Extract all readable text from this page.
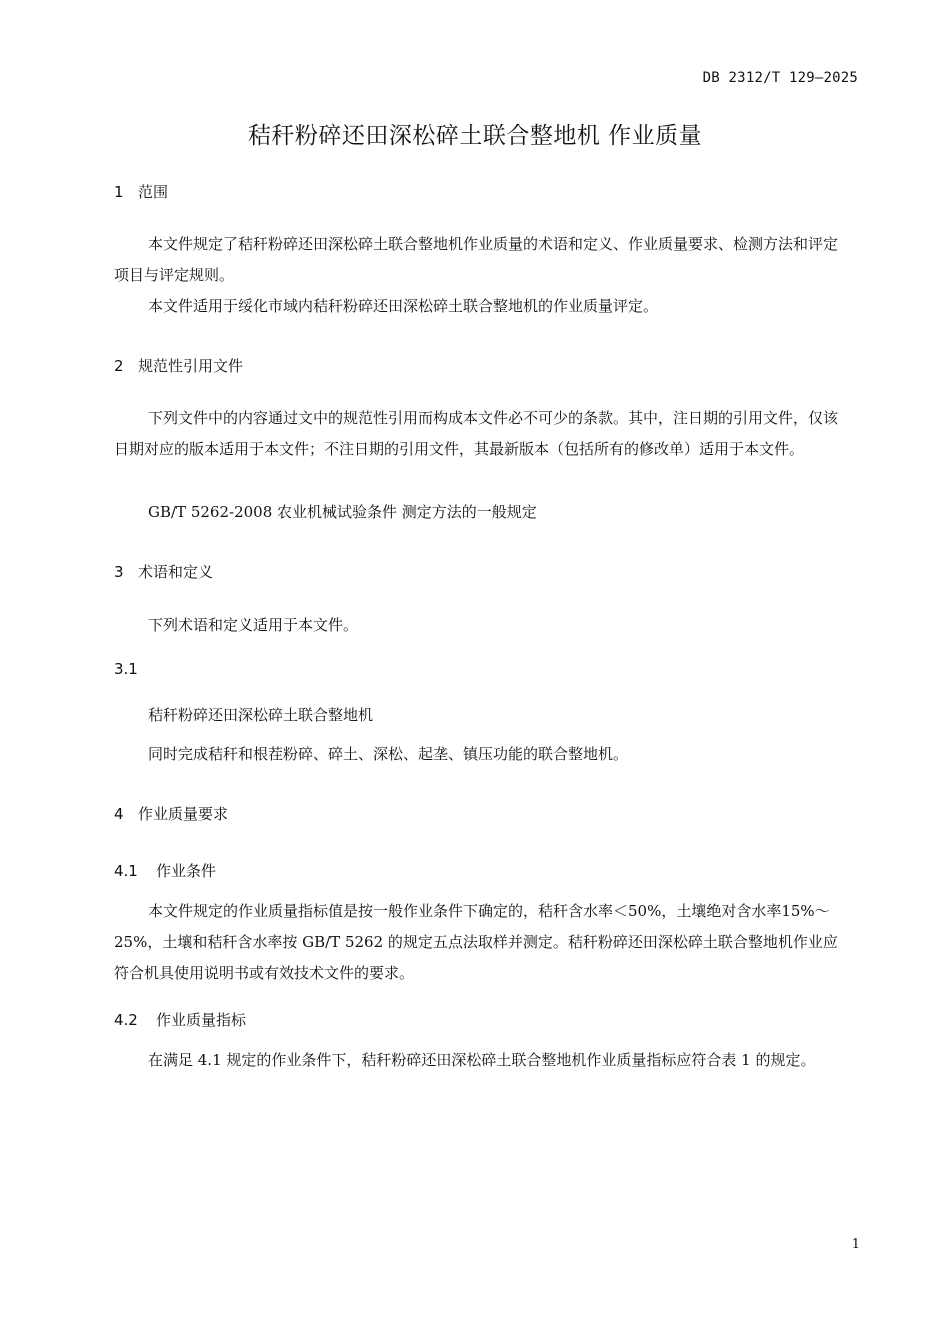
DB 2312/T 129—2025
秸秆粉碎还田深松碎土联合整地机 作业质量
1 范围
本文件规定了秸秆粉碎还田深松碎土联合整地机作业质量的术语和定义、作业质量要求、检测方法和评定项目与评定规则。
本文件适用于绥化市域内秸秆粉碎还田深松碎土联合整地机的作业质量评定。
2 规范性引用文件
下列文件中的内容通过文中的规范性引用而构成本文件必不可少的条款。其中，注日期的引用文件，仅该日期对应的版本适用于本文件；不注日期的引用文件，其最新版本（包括所有的修改单）适用于本文件。
GB/T 5262-2008 农业机械试验条件 测定方法的一般规定
3 术语和定义
下列术语和定义适用于本文件。
3.1
秸秆粉碎还田深松碎土联合整地机
同时完成秸秆和根茬粉碎、碎土、深松、起垄、镇压功能的联合整地机。
4 作业质量要求
4.1 作业条件
本文件规定的作业质量指标值是按一般作业条件下确定的，秸秆含水率＜50%，土壤绝对含水率15%～25%，土壤和秸秆含水率按 GB/T 5262 的规定五点法取样并测定。秸秆粉碎还田深松碎土联合整地机作业应符合机具使用说明书或有效技术文件的要求。
4.2 作业质量指标
在满足 4.1 规定的作业条件下，秸秆粉碎还田深松碎土联合整地机作业质量指标应符合表 1 的规定。
1
